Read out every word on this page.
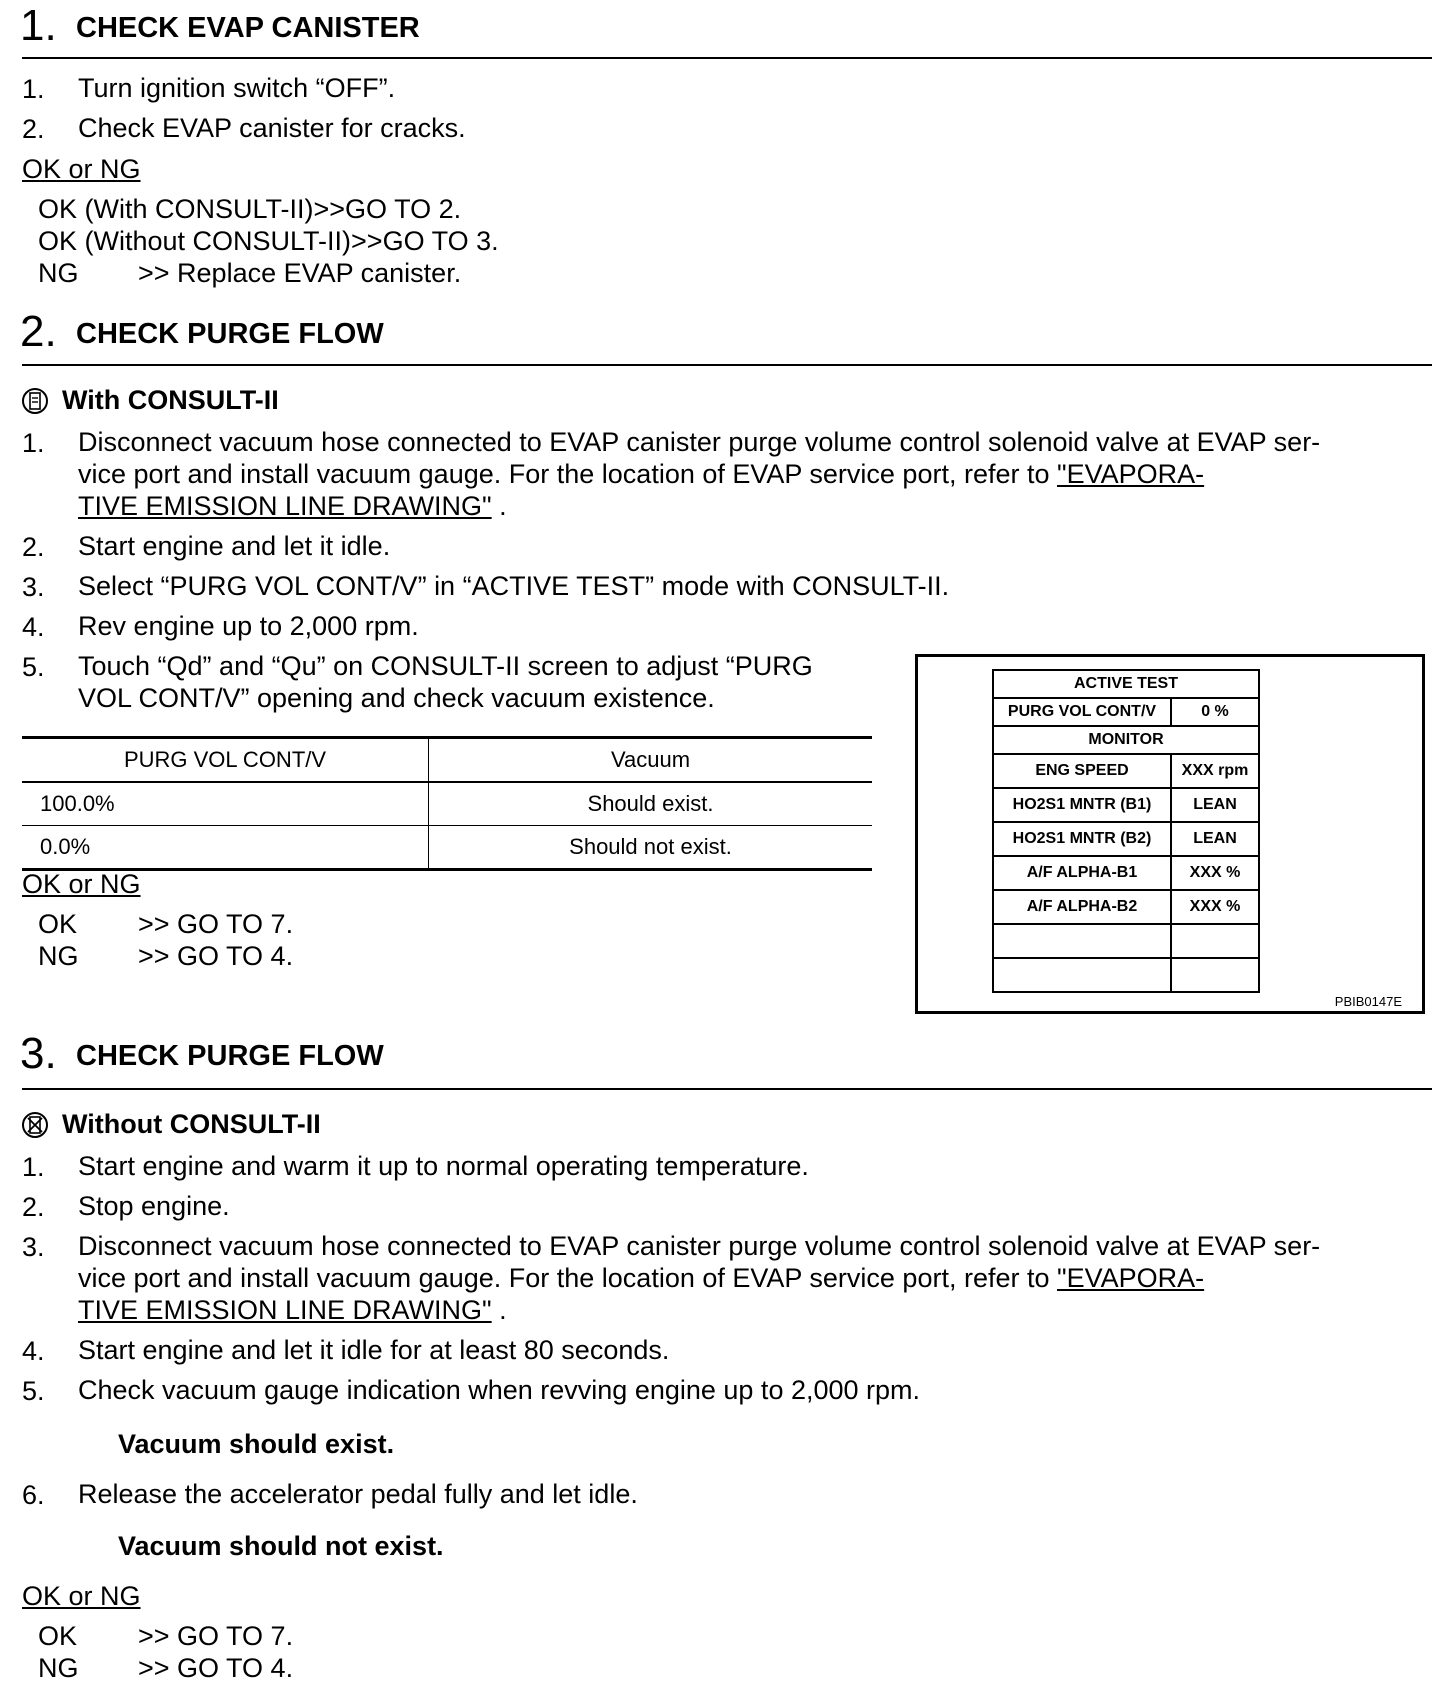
1. CHECK EVAP CANISTER
1. Turn ignition switch “OFF”.
2. Check EVAP canister for cracks.
OK or NG
OK (With CONSULT-II)>>GO TO 2.
OK (Without CONSULT-II)>>GO TO 3.
NG >> Replace EVAP canister.
2. CHECK PURGE FLOW
With CONSULT-II
1. Disconnect vacuum hose connected to EVAP canister purge volume control solenoid valve at EVAP ser-
vice port and install vacuum gauge. For the location of EVAP service port, refer to "EVAPORA-
TIVE EMISSION LINE DRAWING" .
2. Start engine and let it idle.
3. Select “PURG VOL CONT/V” in “ACTIVE TEST” mode with CONSULT-II.
4. Rev engine up to 2,000 rpm.
5. Touch “Qd” and “Qu” on CONSULT-II screen to adjust “PURG
VOL CONT/V” opening and check vacuum existence.
PURG VOL CONT/V	Vacuum
100.0%	Should exist.
0.0%	Should not exist.
OK or NG
OK >> GO TO 7.
NG >> GO TO 4.
ACTIVE TEST	
PURG VOL CONT/V	0 %
MONITOR	
ENG SPEED	XXX rpm
HO2S1 MNTR (B1)	LEAN
HO2S1 MNTR (B2)	LEAN
A/F ALPHA-B1	XXX %
A/F ALPHA-B2	XXX %

PBIB0147E
3. CHECK PURGE FLOW
Without CONSULT-II
1. Start engine and warm it up to normal operating temperature.
2. Stop engine.
3. Disconnect vacuum hose connected to EVAP canister purge volume control solenoid valve at EVAP ser-
vice port and install vacuum gauge. For the location of EVAP service port, refer to "EVAPORA-
TIVE EMISSION LINE DRAWING" .
4. Start engine and let it idle for at least 80 seconds.
5. Check vacuum gauge indication when revving engine up to 2,000 rpm.
Vacuum should exist.
6. Release the accelerator pedal fully and let idle.
Vacuum should not exist.
OK or NG
OK >> GO TO 7.
NG >> GO TO 4.
